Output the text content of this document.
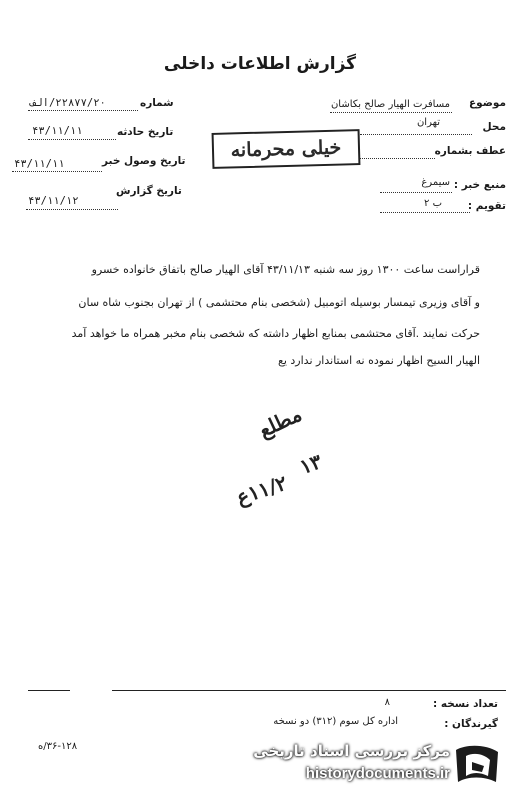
گزارش اطلاعات داخلی
موضوع
مسافرت الهیار صالح بکاشان
محل
تهران
عطف بشماره
منبع خبر :
سیمرغ
تقویم :
ب ۲
خیلی محرمانه
شماره
۲۲۸۷۷/۲۰/الف
تاریخ حادثه
۴۳/۱۱/۱۱
تاریخ وصول خبر
۴۳/۱۱/۱۱
تاریخ گزارش
۴۳/۱۱/۱۲
قراراست ساعت ۱۳۰۰ روز سه شنبه ۴۳/۱۱/۱۳ آقای الهیار صالح باتفاق خانواده خسرو
و آقای وزیری تیمسار بوسیله اتومبیل (شخصی بنام محتشمی ) از تهران بجنوب شاه سان
حرکت نمایند .آقای محتشمی بمنابع اظهار داشته که شخصی بنام مخبر همراه ما خواهد آمد
الهیار السیح اظهار نموده نه استاندار ندارد یع
مطلع
۱۳
۱۱/۲ع
تعداد نسخه :
۸
گیرندگان :
اداره کل سوم (۳۱۲) دو نسخه
۳۶-۱۲۸/ه	مرکز بررسی اسناد تاریخی
historydocuments.ir
